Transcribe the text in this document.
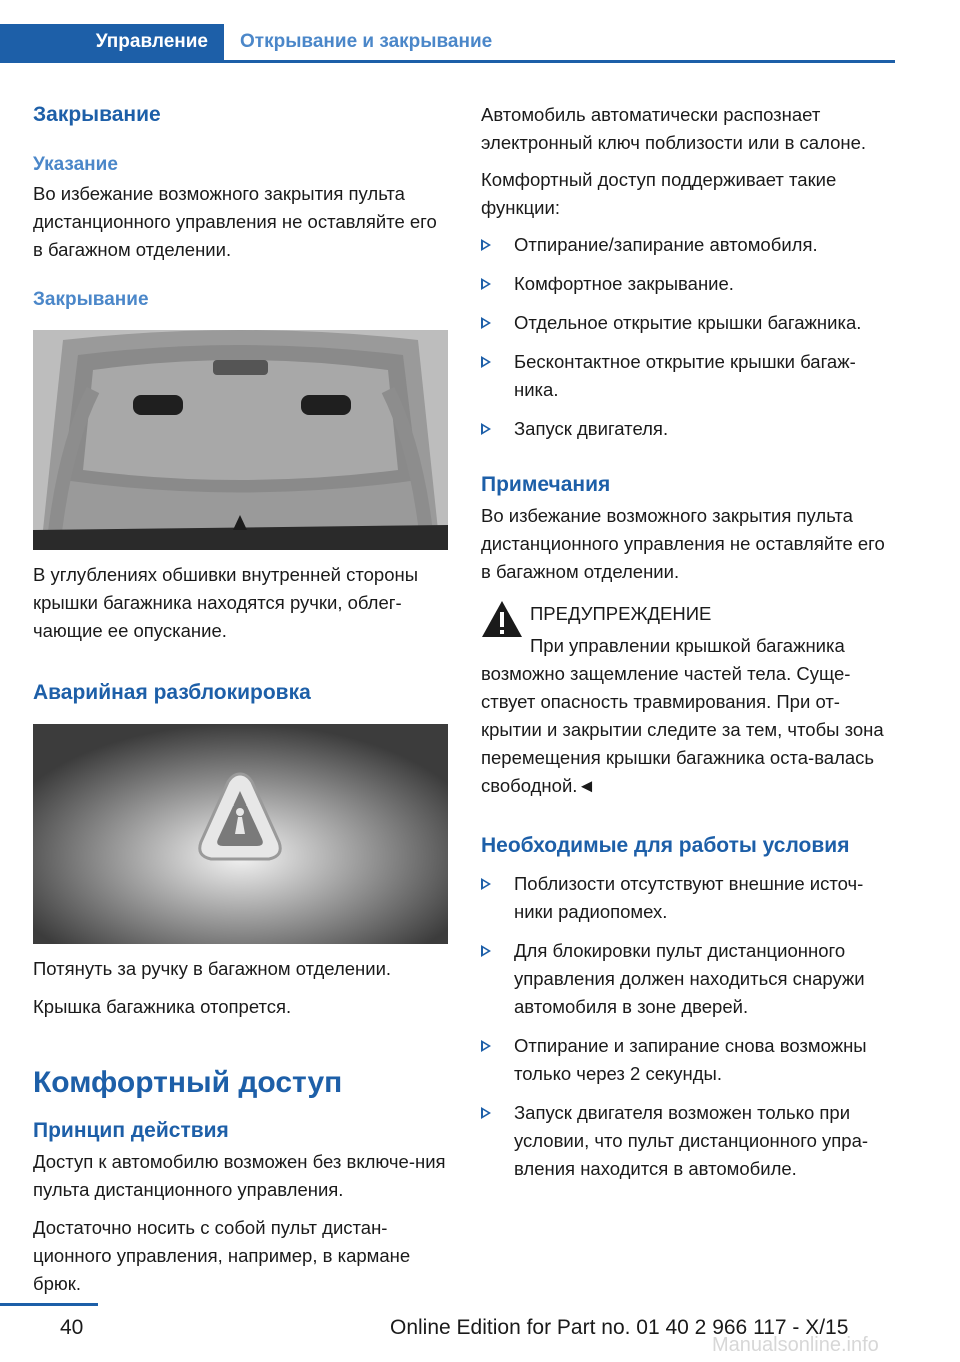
Управление	Открывание и закрывание
Закрывание
Указание

Во избежание возможного закрытия пульта дистанционного управления не оставляйте его в багажном отделении.

Закрывание

В углублениях обшивки внутренней стороны крышки багажника находятся ручки, облег-чающие ее опускание.

Аварийная разблокировка

Потянуть за ручку в багажном отделении.

Крышка багажника отопрется.

Комфортный доступ
Принцип действия

Доступ к автомобилю возможен без включе-ния пульта дистанционного управления.

Достаточно носить с собой пульт дистан-ционного управления, например, в кармане брюк.

Автомобиль автоматически распознает электронный ключ поблизости или в салоне.

Комфортный доступ поддерживает такие функции:

Отпирание/запирание автомобиля.
Комфортное закрывание.
Отдельное открытие крышки багажника.
Бесконтактное открытие крышки багаж-ника.
Запуск двигателя.
Примечания

Во избежание возможного закрытия пульта дистанционного управления не оставляйте его в багажном отделении.

ПРЕДУПРЕЖДЕНИЕ

При управлении крышкой багажника

возможно защемление частей тела. Суще-ствует опасность травмирования. При от-крытии и закрытии следите за тем, чтобы зона перемещения крышки багажника оста-валась свободной.◄

Необходимые для работы условия
Поблизости отсутствуют внешние источ-ники радиопомех.
Для блокировки пульт дистанционного управления должен находиться снаружи автомобиля в зоне дверей.
Отпирание и запирание снова возможны только через 2 секунды.
Запуск двигателя возможен только при условии, что пульт дистанционного упра-вления находится в автомобиле.
40	Online Edition for Part no. 01 40 2 966 117 - X/15
Manualsonline.info
